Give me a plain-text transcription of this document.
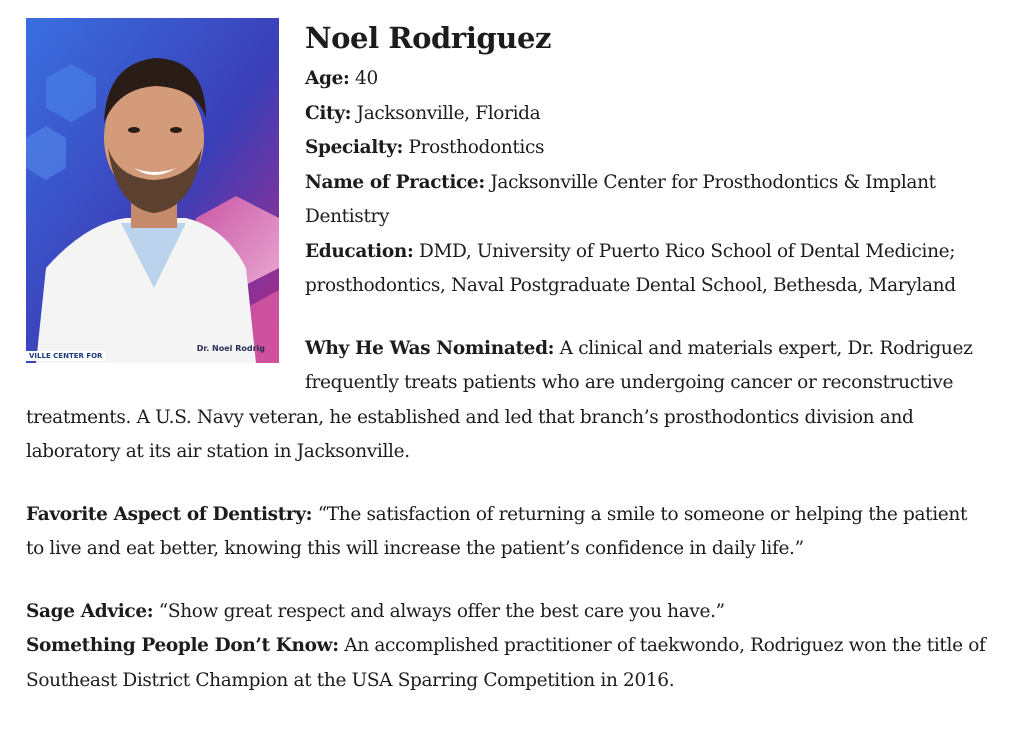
VILLE CENTER FOR
Dr. Noel Rodrig
Noel Rodriguez

Age: 40

City: Jacksonville, Florida

Specialty: Prosthodontics

Name of Practice: Jacksonville Center for Prosthodontics & Implant Dentistry

Education: DMD, University of Puerto Rico School of Dental Medicine; prosthodontics, Naval Postgraduate Dental School, Bethesda, Maryland

Why He Was Nominated: A clinical and materials expert, Dr. Rodriguez frequently treats patients who are undergoing cancer or reconstructive treatments. A U.S. Navy veteran, he established and led that branch’s prosthodontics division and laboratory at its air station in Jacksonville.

Favorite Aspect of Dentistry: “The satisfaction of returning a smile to someone or helping the patient to live and eat better, knowing this will increase the patient’s confidence in daily life.”

Sage Advice: “Show great respect and always offer the best care you have.”

Something People Don’t Know: An accomplished practitioner of taekwondo, Rodriguez won the title of Southeast District Champion at the USA Sparring Competition in 2016.
